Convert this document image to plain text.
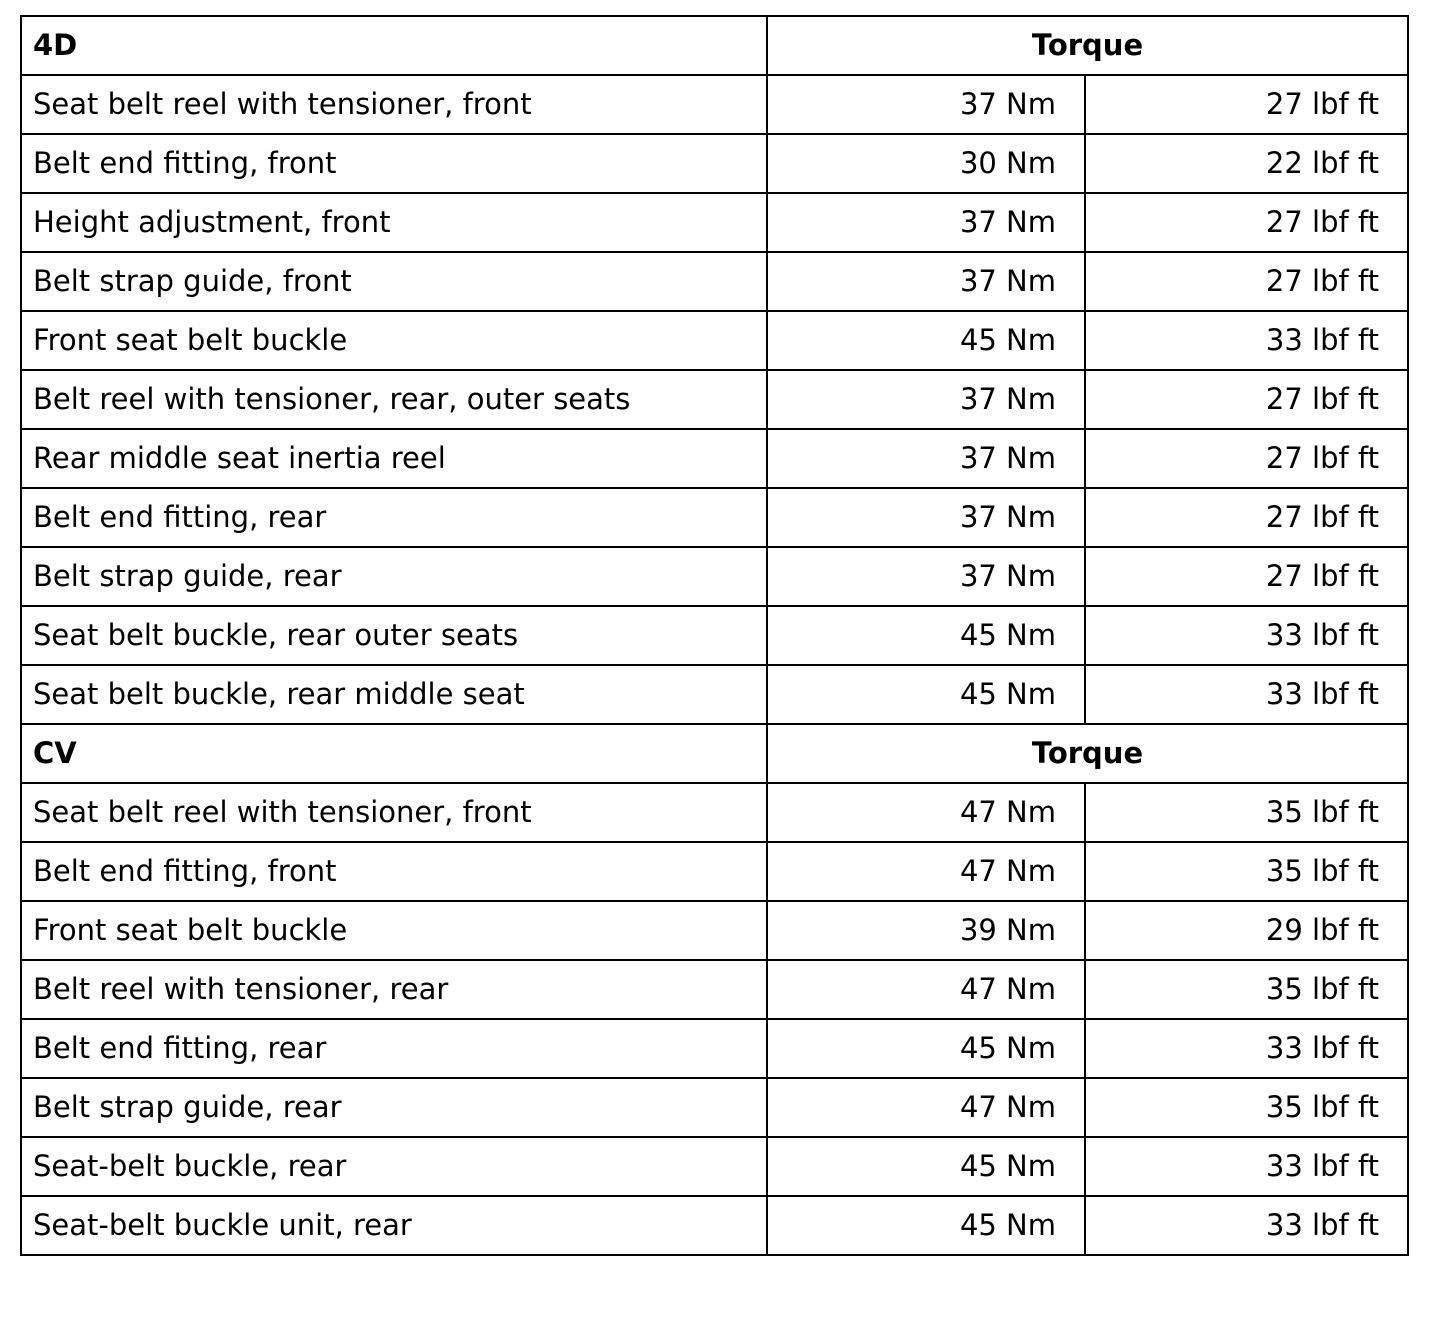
4D	Torque	
Seat belt reel with tensioner, front	37 Nm	27 lbf ft
Belt end fitting, front	30 Nm	22 lbf ft
Height adjustment, front	37 Nm	27 lbf ft
Belt strap guide, front	37 Nm	27 lbf ft
Front seat belt buckle	45 Nm	33 lbf ft
Belt reel with tensioner, rear, outer seats	37 Nm	27 lbf ft
Rear middle seat inertia reel	37 Nm	27 lbf ft
Belt end fitting, rear	37 Nm	27 lbf ft
Belt strap guide, rear	37 Nm	27 lbf ft
Seat belt buckle, rear outer seats	45 Nm	33 lbf ft
Seat belt buckle, rear middle seat	45 Nm	33 lbf ft
CV	Torque	
Seat belt reel with tensioner, front	47 Nm	35 lbf ft
Belt end fitting, front	47 Nm	35 lbf ft
Front seat belt buckle	39 Nm	29 lbf ft
Belt reel with tensioner, rear	47 Nm	35 lbf ft
Belt end fitting, rear	45 Nm	33 lbf ft
Belt strap guide, rear	47 Nm	35 lbf ft
Seat-belt buckle, rear	45 Nm	33 lbf ft
Seat-belt buckle unit, rear	45 Nm	33 lbf ft
